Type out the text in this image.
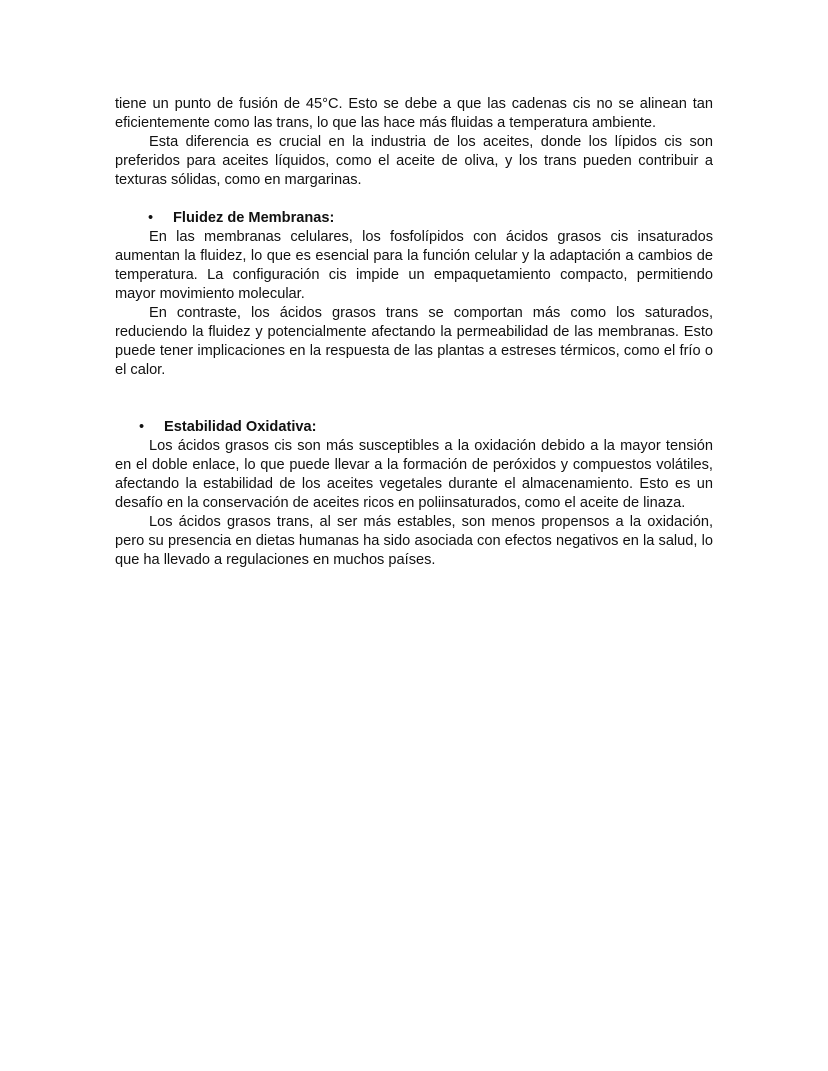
tiene un punto de fusión de 45°C. Esto se debe a que las cadenas cis no se alinean tan eficientemente como las trans, lo que las hace más fluidas a temperatura ambiente.

Esta diferencia es crucial en la industria de los aceites, donde los lípidos cis son preferidos para aceites líquidos, como el aceite de oliva, y los trans pueden contribuir a texturas sólidas, como en margarinas.

• Fluidez de Membranas:

En las membranas celulares, los fosfolípidos con ácidos grasos cis insaturados aumentan la fluidez, lo que es esencial para la función celular y la adaptación a cambios de temperatura. La configuración cis impide un empaquetamiento compacto, permitiendo mayor movimiento molecular.

En contraste, los ácidos grasos trans se comportan más como los saturados, reduciendo la fluidez y potencialmente afectando la permeabilidad de las membranas. Esto puede tener implicaciones en la respuesta de las plantas a estreses térmicos, como el frío o el calor.

• Estabilidad Oxidativa:

Los ácidos grasos cis son más susceptibles a la oxidación debido a la mayor tensión en el doble enlace, lo que puede llevar a la formación de peróxidos y compuestos volátiles, afectando la estabilidad de los aceites vegetales durante el almacenamiento. Esto es un desafío en la conservación de aceites ricos en poliinsaturados, como el aceite de linaza.

Los ácidos grasos trans, al ser más estables, son menos propensos a la oxidación, pero su presencia en dietas humanas ha sido asociada con efectos negativos en la salud, lo que ha llevado a regulaciones en muchos países.
